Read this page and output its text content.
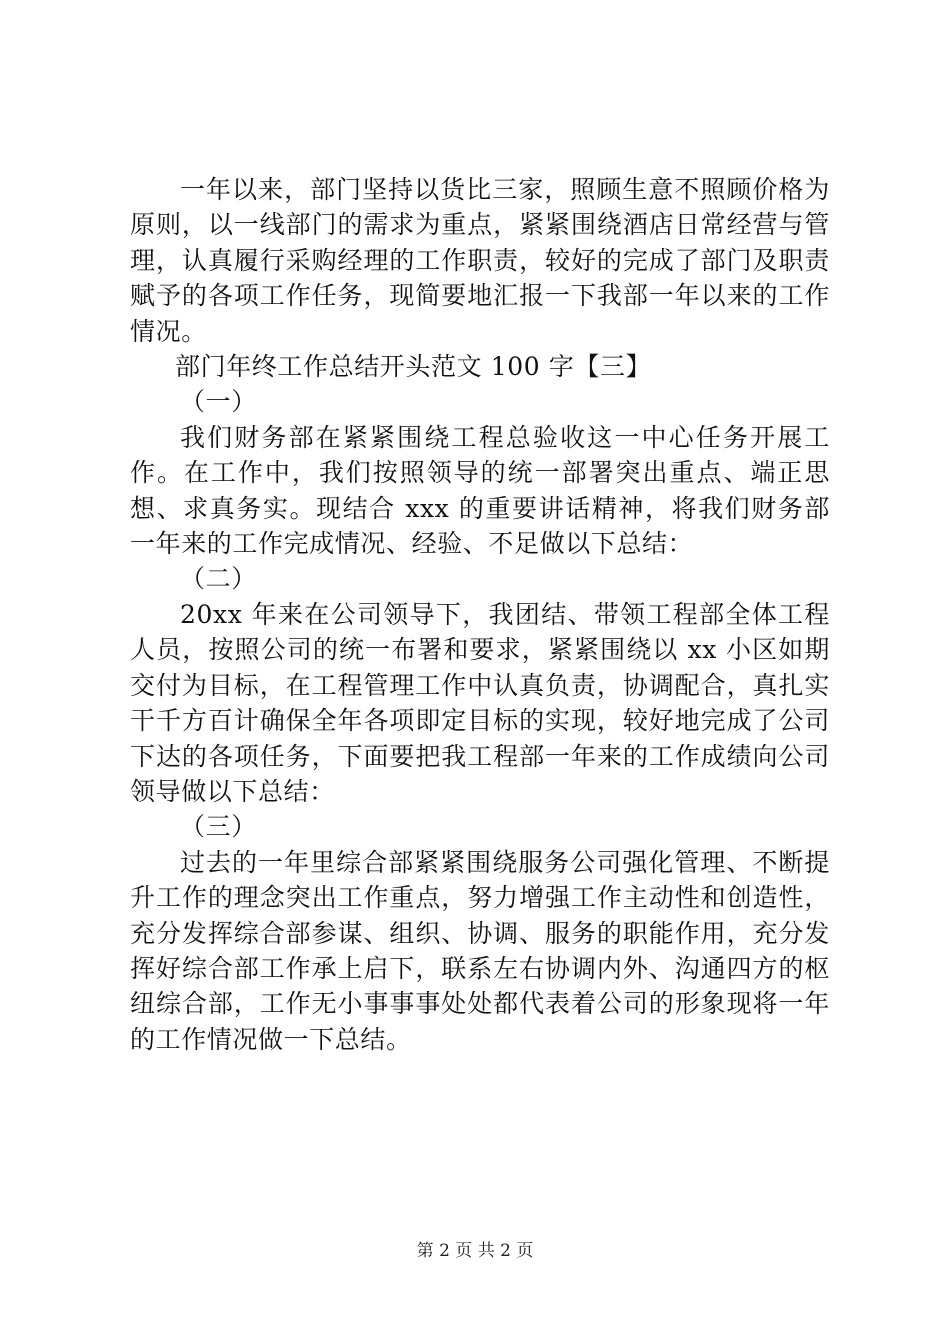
一年以来，部门坚持以货比三家，照顾生意不照顾价格为原则，以一线部门的需求为重点，紧紧围绕酒店日常经营与管理，认真履行采购经理的工作职责，较好的完成了部门及职责赋予的各项工作任务，现简要地汇报一下我部一年以来的工作情况。

部门年终工作总结开头范文 100 字【三】

（一）

我们财务部在紧紧围绕工程总验收这一中心任务开展工作。在工作中，我们按照领导的统一部署突出重点、端正思想、求真务实。现结合 xxx 的重要讲话精神，将我们财务部一年来的工作完成情况、经验、不足做以下总结：

（二）

20xx 年来在公司领导下，我团结、带领工程部全体工程人员，按照公司的统一布署和要求，紧紧围绕以 xx 小区如期交付为目标，在工程管理工作中认真负责，协调配合，真扎实干千方百计确保全年各项即定目标的实现，较好地完成了公司下达的各项任务，下面要把我工程部一年来的工作成绩向公司领导做以下总结：

（三）

过去的一年里综合部紧紧围绕服务公司强化管理、不断提升工作的理念突出工作重点，努力增强工作主动性和创造性，充分发挥综合部参谋、组织、协调、服务的职能作用，充分发挥好综合部工作承上启下，联系左右协调内外、沟通四方的枢纽综合部，工作无小事事事处处都代表着公司的形象现将一年的工作情况做一下总结。

第 2 页 共 2 页
